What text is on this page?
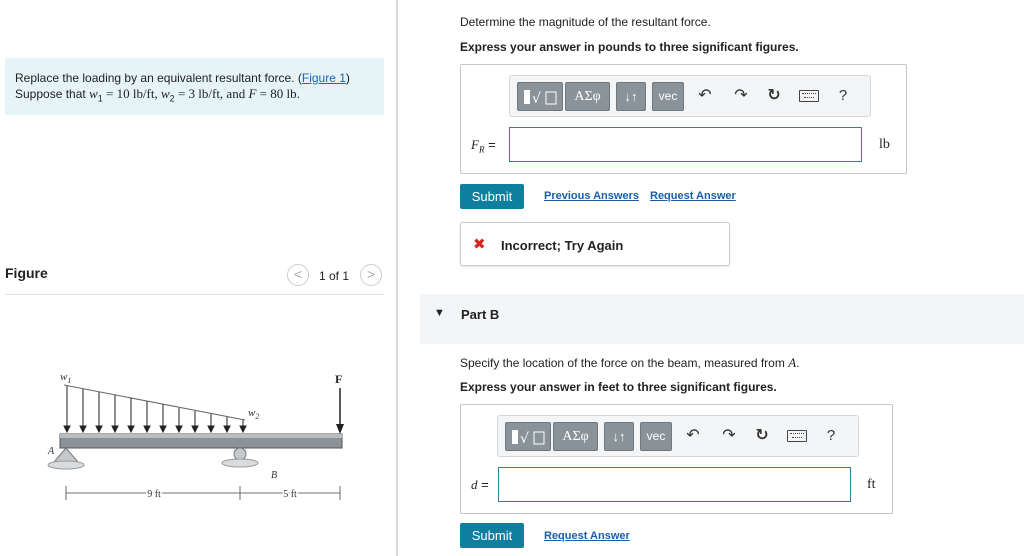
Replace the loading by an equivalent resultant force. (Figure 1)
Suppose that $w_1 = 10$ lb/ft, $w_2 = 3$ lb/ft, and F = 80 lb.
Figure	<	1 of 1	>
$w_1$
$w_2$
F
A
B
9 ft	5 ft
Determine the magnitude of the resultant force.
Express your answer in pounds to three significant figures.
√	ΑΣφ	↓↑	vec	↶ ↷ ↻	?
$F_R$ =	lb
Submit	Previous Answers Request Answer
✖ Incorrect; Try Again
▼ Part B
Specify the location of the force on the beam, measured from A.
Express your answer in feet to three significant figures.
√	ΑΣφ	↓↑	vec	↶ ↷ ↻	?
d =	ft
Submit	Request Answer
